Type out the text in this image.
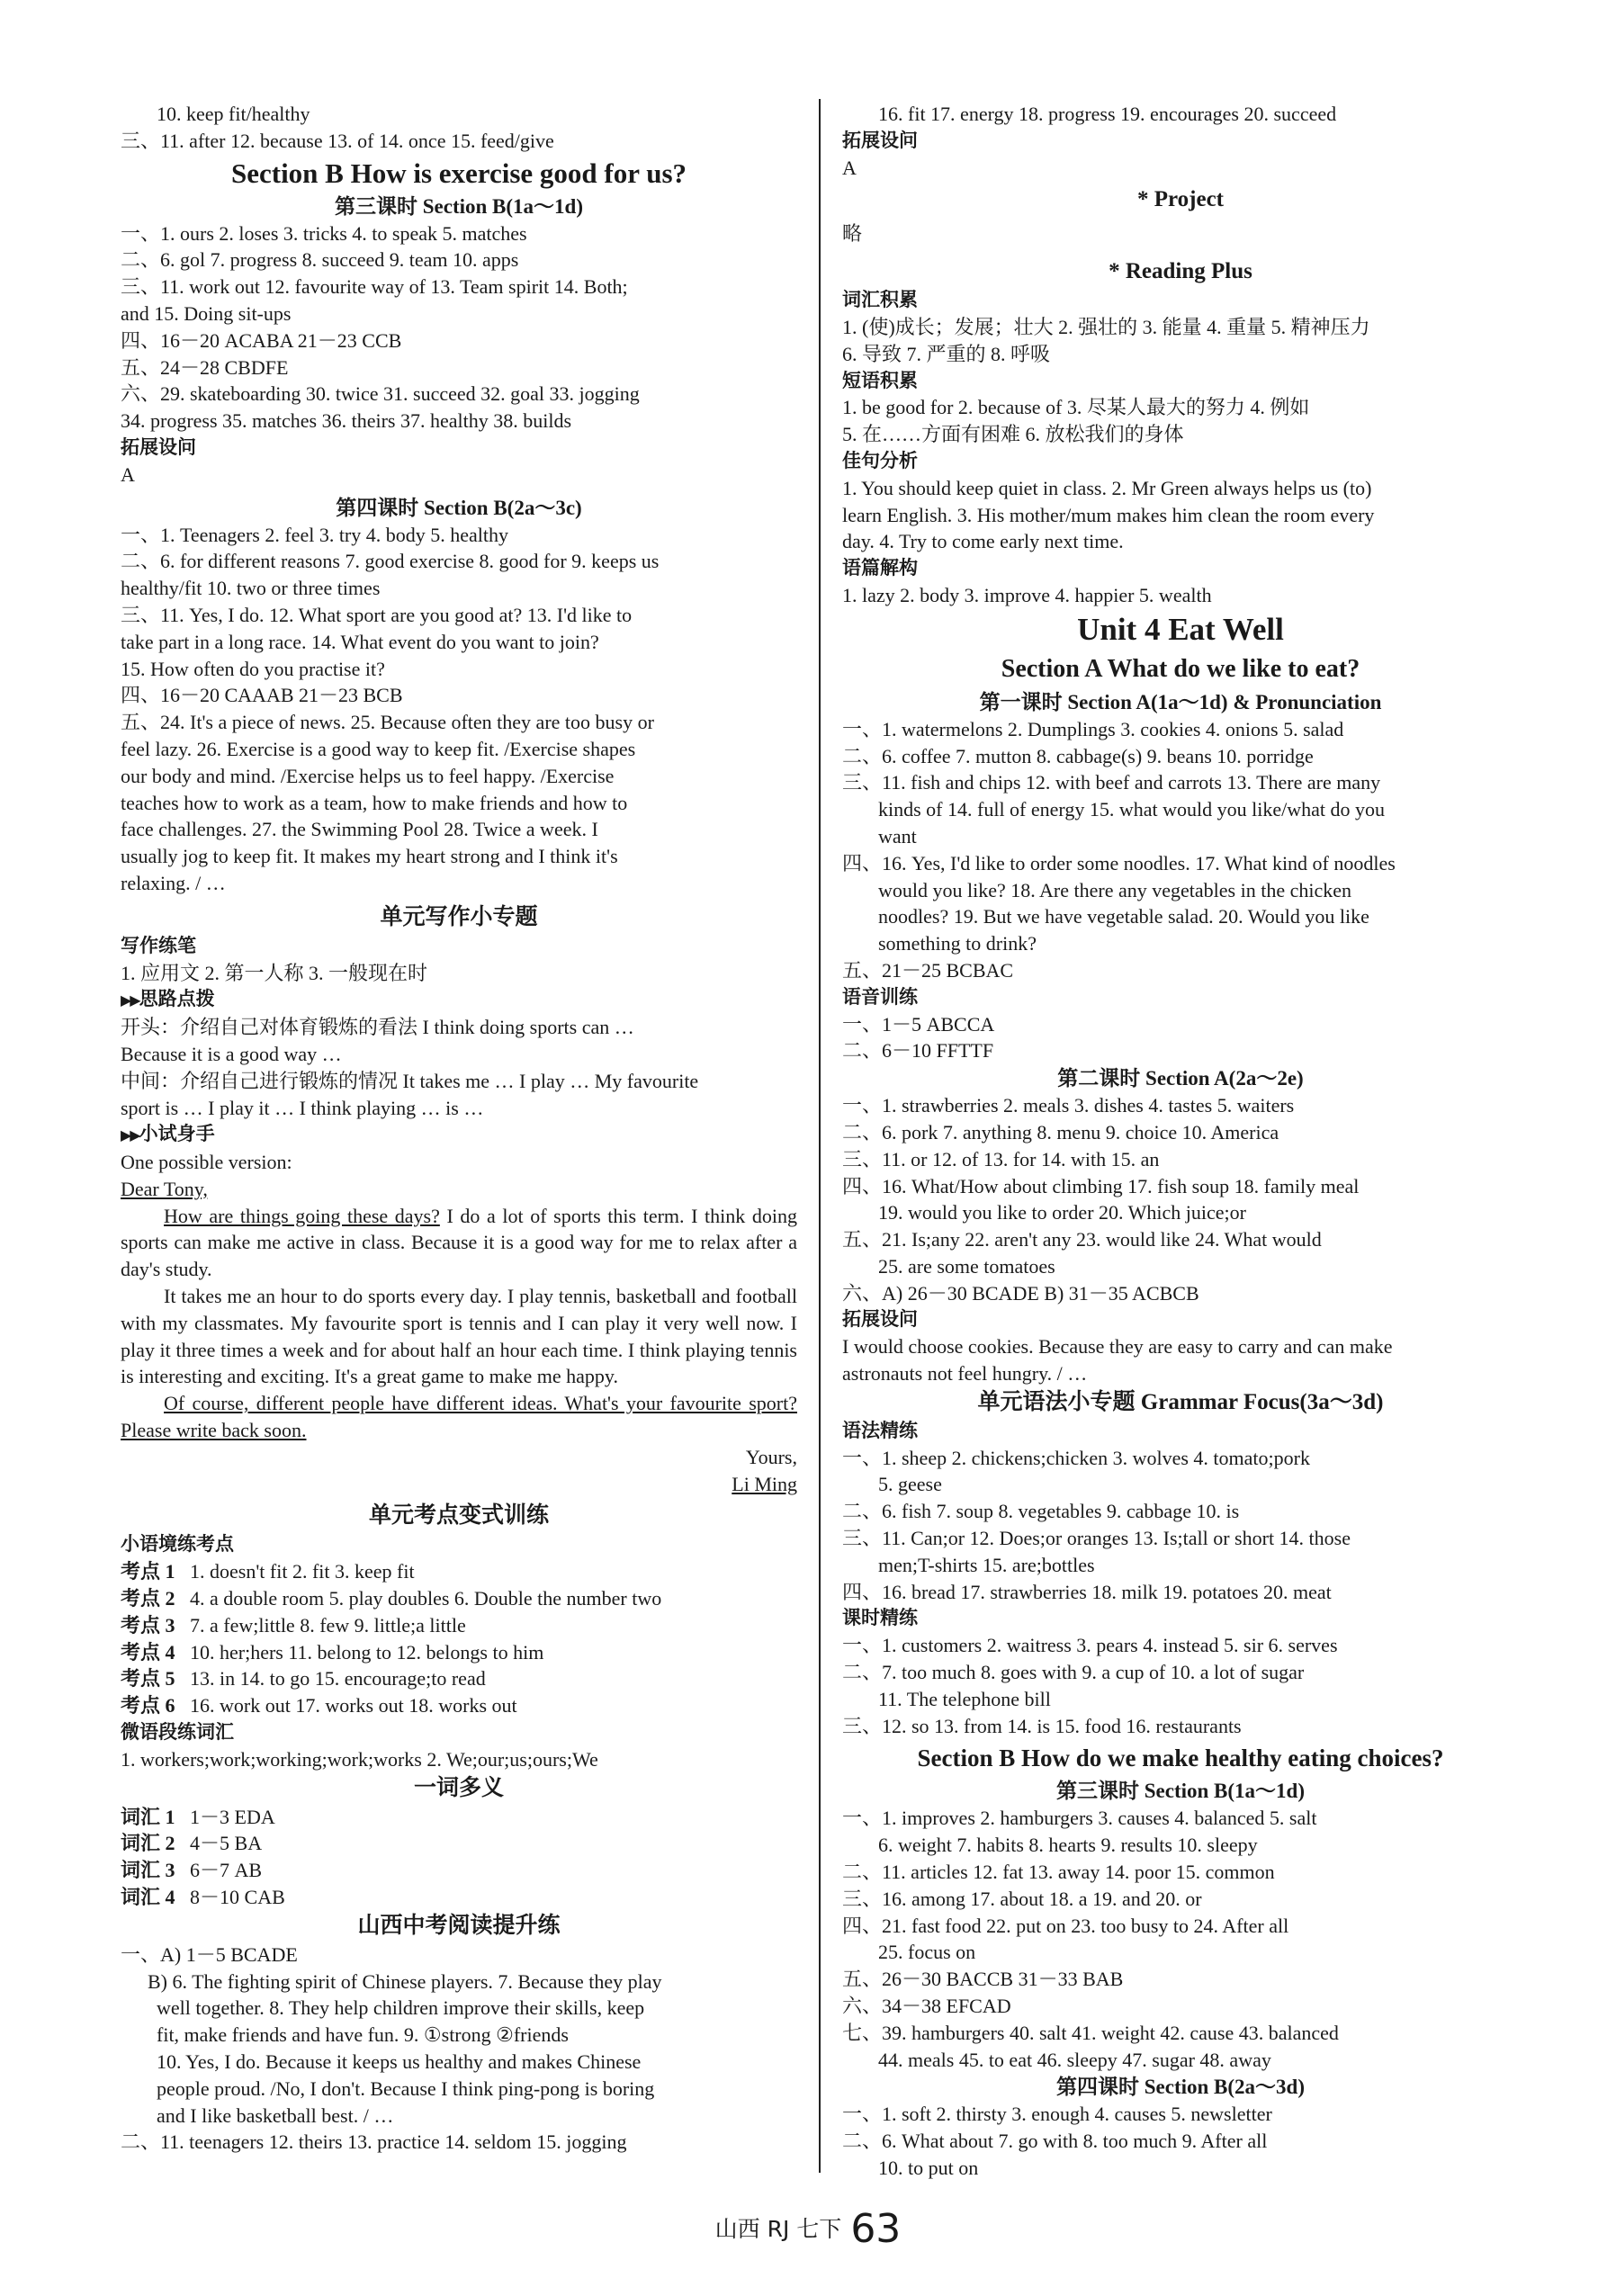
10. keep fit/healthy
三、11. after 12. because 13. of 14. once 15. feed/give
Section B How is exercise good for us?
第三课时 Section B(1a～1d)
一、1. ours 2. loses 3. tricks 4. to speak 5. matches
二、6. gol 7. progress 8. succeed 9. team 10. apps
三、11. work out 12. favourite way of 13. Team spirit 14. Both;
and 15. Doing sit-ups
四、16－20 ACABA 21－23 CCB
五、24－28 CBDFE
六、29. skateboarding 30. twice 31. succeed 32. goal 33. jogging
34. progress 35. matches 36. theirs 37. healthy 38. builds
拓展设问
A
第四课时 Section B(2a～3c)
一、1. Teenagers 2. feel 3. try 4. body 5. healthy
二、6. for different reasons 7. good exercise 8. good for 9. keeps us
healthy/fit 10. two or three times
三、11. Yes, I do. 12. What sport are you good at? 13. I'd like to
take part in a long race. 14. What event do you want to join?
15. How often do you practise it?
四、16－20 CAAAB 21－23 BCB
五、24. It's a piece of news. 25. Because often they are too busy or
feel lazy. 26. Exercise is a good way to keep fit. /Exercise shapes
our body and mind. /Exercise helps us to feel happy. /Exercise
teaches how to work as a team, how to make friends and how to
face challenges. 27. the Swimming Pool 28. Twice a week. I
usually jog to keep fit. It makes my heart strong and I think it's
relaxing. / …
单元写作小专题
写作练笔
1. 应用文 2. 第一人称 3. 一般现在时
▶▶思路点拨
开头：介绍自己对体育锻炼的看法 I think doing sports can …
Because it is a good way …
中间：介绍自己进行锻炼的情况 It takes me … I play … My favourite
sport is … I play it … I think playing … is …
▶▶小试身手
One possible version:
Dear Tony,
How are things going these days? I do a lot of sports this term. I think doing sports can make me active in class. Because it is a good way for me to relax after a day's study.
It takes me an hour to do sports every day. I play tennis, basketball and football with my classmates. My favourite sport is tennis and I can play it very well now. I play it three times a week and for about half an hour each time. I think playing tennis is interesting and exciting. It's a great game to make me happy.
Of course, different people have different ideas. What's your favourite sport? Please write back soon.
Yours,
Li Ming
单元考点变式训练
小语境练考点
考点 1 1. doesn't fit 2. fit 3. keep fit
考点 2 4. a double room 5. play doubles 6. Double the number two
考点 3 7. a few;little 8. few 9. little;a little
考点 4 10. her;hers 11. belong to 12. belongs to him
考点 5 13. in 14. to go 15. encourage;to read
考点 6 16. work out 17. works out 18. works out
微语段练词汇
1. workers;work;working;work;works 2. We;our;us;ours;We
一词多义
词汇 1 1－3 EDA
词汇 2 4－5 BA
词汇 3 6－7 AB
词汇 4 8－10 CAB
山西中考阅读提升练
一、A) 1－5 BCADE
B) 6. The fighting spirit of Chinese players. 7. Because they play
well together. 8. They help children improve their skills, keep
fit, make friends and have fun. 9. ①strong ②friends
10. Yes, I do. Because it keeps us healthy and makes Chinese
people proud. /No, I don't. Because I think ping-pong is boring
and I like basketball best. / …
二、11. teenagers 12. theirs 13. practice 14. seldom 15. jogging
16. fit 17. energy 18. progress 19. encourages 20. succeed
拓展设问
A
* Project
略
* Reading Plus
词汇积累
1. (使)成长；发展；壮大 2. 强壮的 3. 能量 4. 重量 5. 精神压力
6. 导致 7. 严重的 8. 呼吸
短语积累
1. be good for 2. because of 3. 尽某人最大的努力 4. 例如
5. 在……方面有困难 6. 放松我们的身体
佳句分析
1. You should keep quiet in class. 2. Mr Green always helps us (to)
learn English. 3. His mother/mum makes him clean the room every
day. 4. Try to come early next time.
语篇解构
1. lazy 2. body 3. improve 4. happier 5. wealth
Unit 4 Eat Well
Section A What do we like to eat?
第一课时 Section A(1a～1d) & Pronunciation
一、1. watermelons 2. Dumplings 3. cookies 4. onions 5. salad
二、6. coffee 7. mutton 8. cabbage(s) 9. beans 10. porridge
三、11. fish and chips 12. with beef and carrots 13. There are many
kinds of 14. full of energy 15. what would you like/what do you
want
四、16. Yes, I'd like to order some noodles. 17. What kind of noodles
would you like? 18. Are there any vegetables in the chicken
noodles? 19. But we have vegetable salad. 20. Would you like
something to drink?
五、21－25 BCBAC
语音训练
一、1－5 ABCCA
二、6－10 FFTTF
第二课时 Section A(2a～2e)
一、1. strawberries 2. meals 3. dishes 4. tastes 5. waiters
二、6. pork 7. anything 8. menu 9. choice 10. America
三、11. or 12. of 13. for 14. with 15. an
四、16. What/How about climbing 17. fish soup 18. family meal
19. would you like to order 20. Which juice;or
五、21. Is;any 22. aren't any 23. would like 24. What would
25. are some tomatoes
六、A) 26－30 BCADE B) 31－35 ACBCB
拓展设问
I would choose cookies. Because they are easy to carry and can make
astronauts not feel hungry. / …
单元语法小专题 Grammar Focus(3a～3d)
语法精练
一、1. sheep 2. chickens;chicken 3. wolves 4. tomato;pork
5. geese
二、6. fish 7. soup 8. vegetables 9. cabbage 10. is
三、11. Can;or 12. Does;or oranges 13. Is;tall or short 14. those
men;T-shirts 15. are;bottles
四、16. bread 17. strawberries 18. milk 19. potatoes 20. meat
课时精练
一、1. customers 2. waitress 3. pears 4. instead 5. sir 6. serves
二、7. too much 8. goes with 9. a cup of 10. a lot of sugar
11. The telephone bill
三、12. so 13. from 14. is 15. food 16. restaurants
Section B How do we make healthy eating choices?
第三课时 Section B(1a～1d)
一、1. improves 2. hamburgers 3. causes 4. balanced 5. salt
6. weight 7. habits 8. hearts 9. results 10. sleepy
二、11. articles 12. fat 13. away 14. poor 15. common
三、16. among 17. about 18. a 19. and 20. or
四、21. fast food 22. put on 23. too busy to 24. After all
25. focus on
五、26－30 BACCB 31－33 BAB
六、34－38 EFCAD
七、39. hamburgers 40. salt 41. weight 42. cause 43. balanced
44. meals 45. to eat 46. sleepy 47. sugar 48. away
第四课时 Section B(2a～3d)
一、1. soft 2. thirsty 3. enough 4. causes 5. newsletter
二、6. What about 7. go with 8. too much 9. After all
10. to put on
山西 RJ 七下 63
